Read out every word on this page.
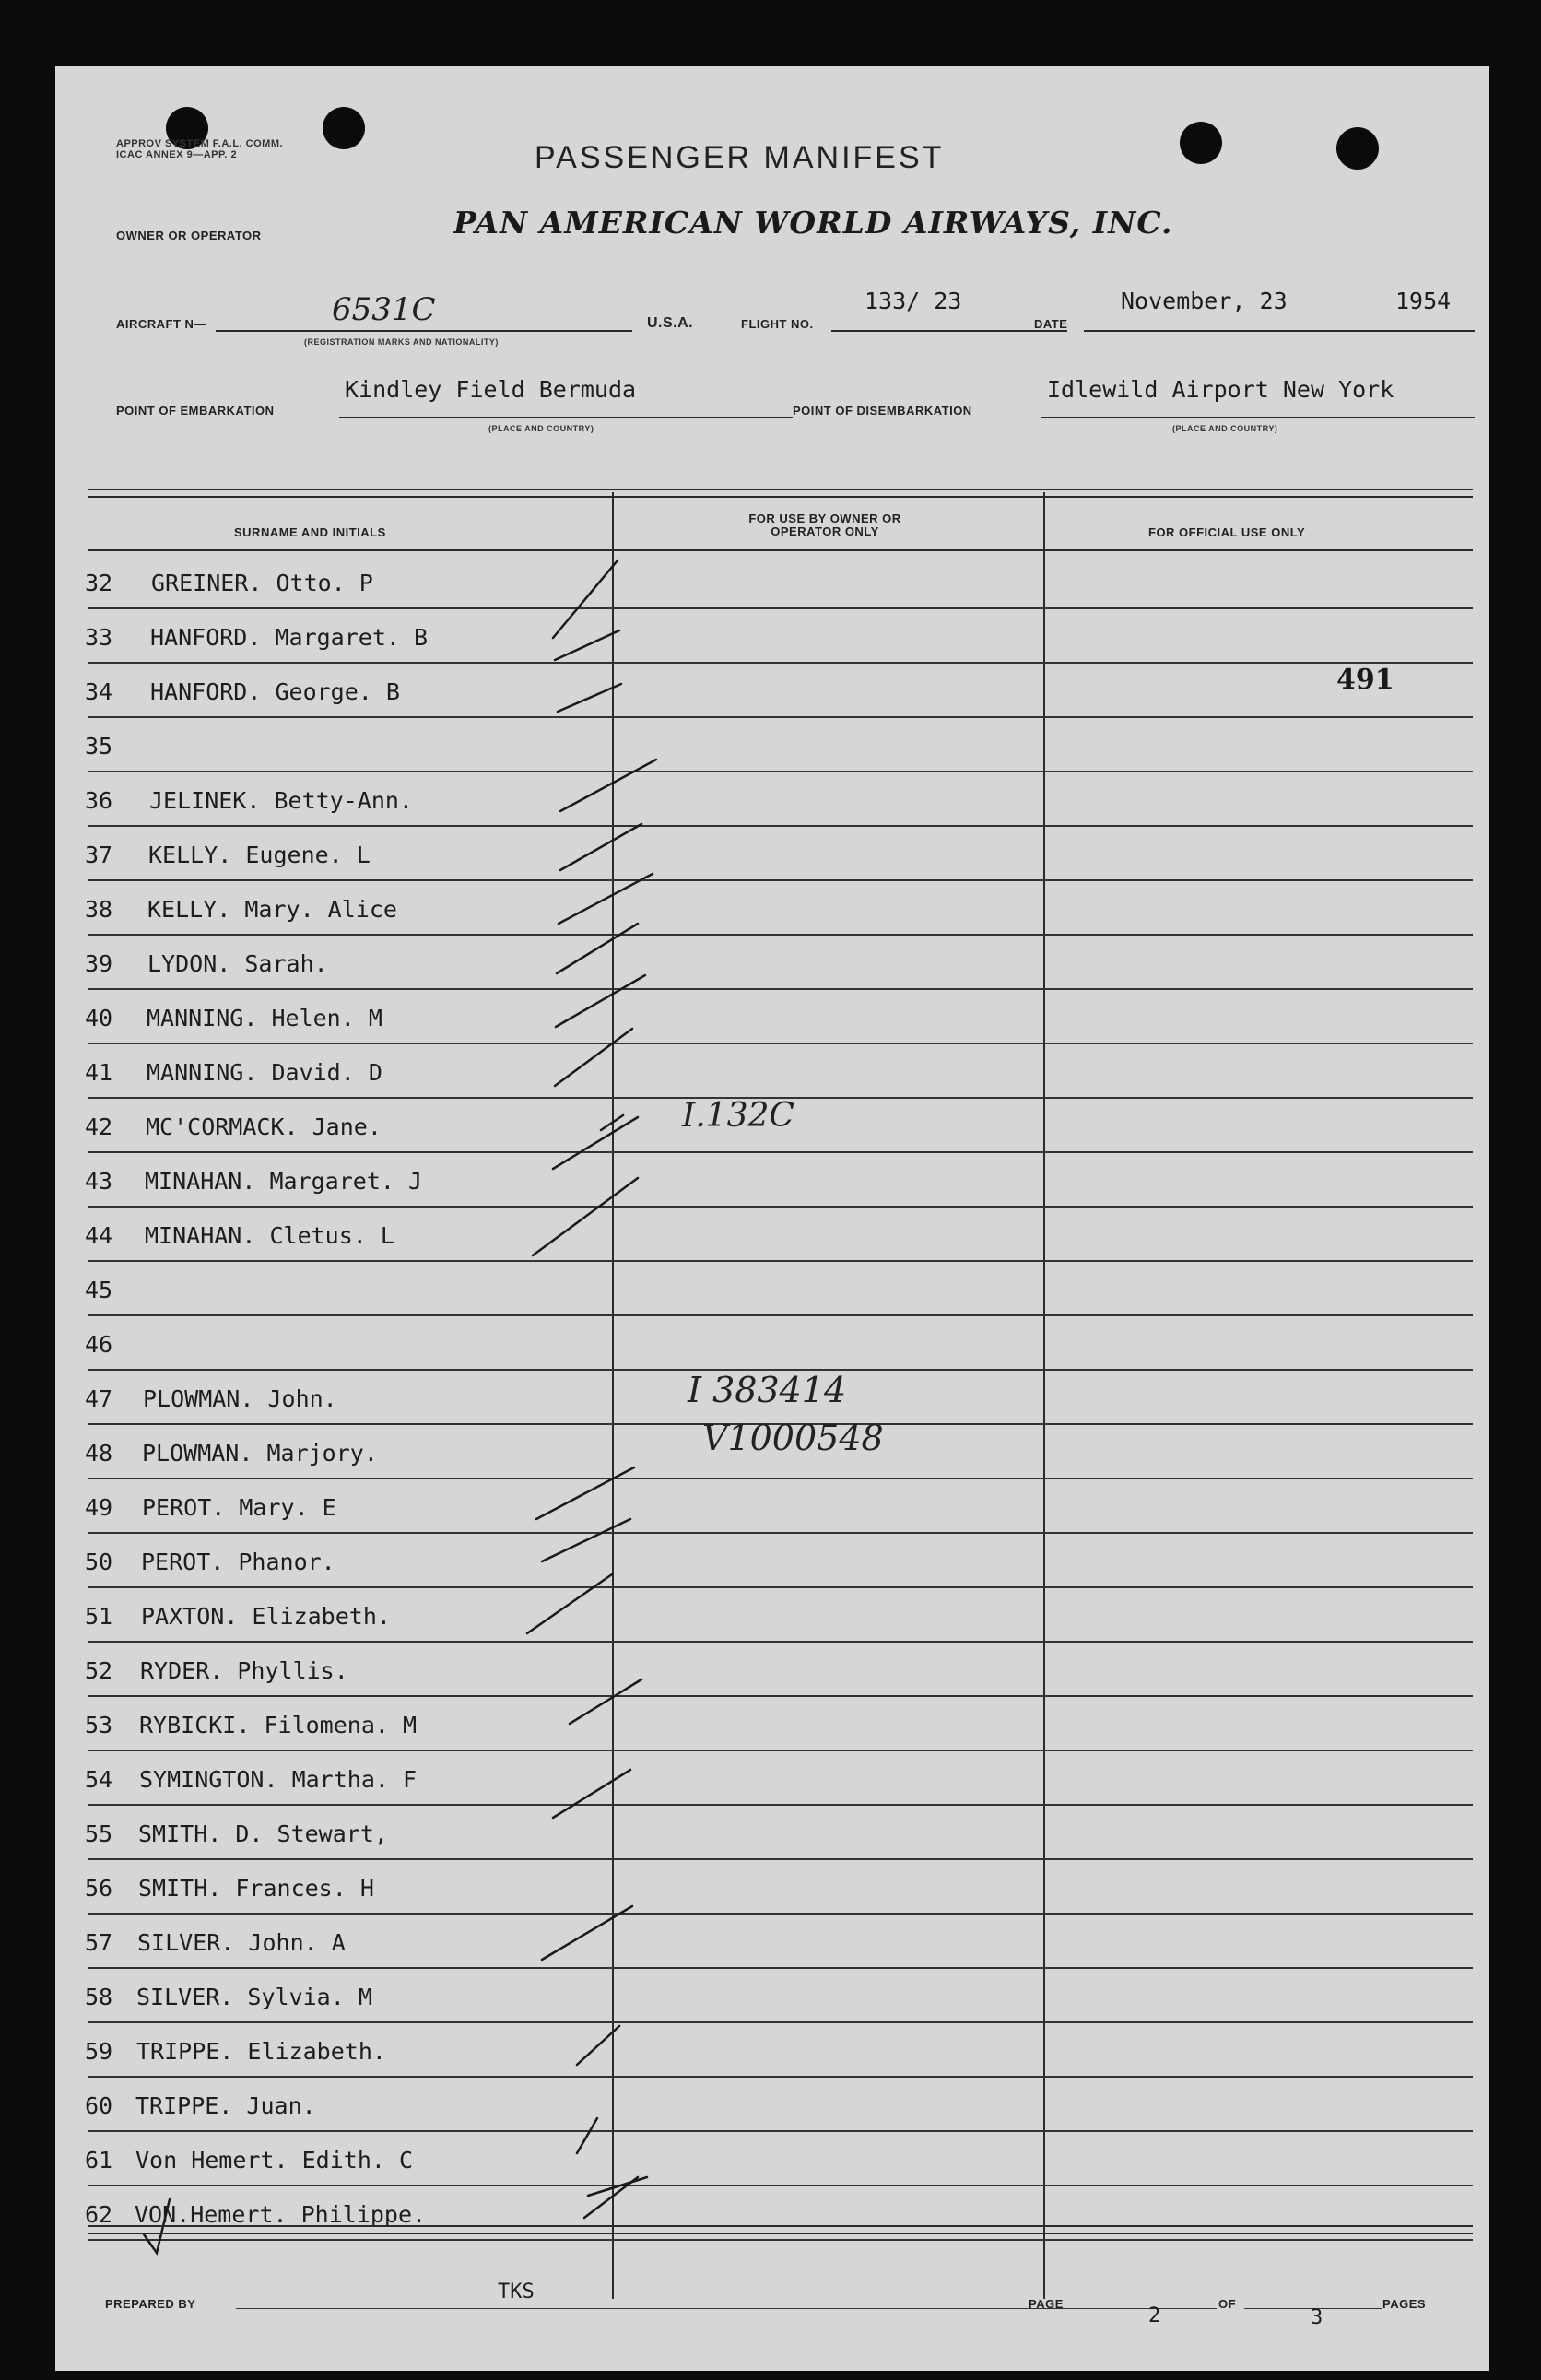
APPROV SYSTEM F.A.L. COMM. ICAC ANNEX 9—APP. 2	PASSENGER MANIFEST
OWNER OR OPERATOR	PAN AMERICAN WORLD AIRWAYS, INC.
AIRCRAFT N—	6531C
(REGISTRATION MARKS AND NATIONALITY)
U.S.A.	FLIGHT NO.
133/ 23
DATE
November, 23	1954
POINT OF EMBARKATION
Kindley Field Bermuda
(PLACE AND COUNTRY)
POINT OF DISEMBARKATION
Idlewild Airport New York
(PLACE AND COUNTRY)
SURNAME AND INITIALS
FOR USE BY OWNER OR OPERATOR ONLY	FOR OFFICIAL USE ONLY
491
32	GREINER. Otto. P
33	HANFORD. Margaret. B
34	HANFORD. George. B
35
36	JELINEK. Betty-Ann.
37	KELLY. Eugene. L
38	KELLY. Mary. Alice
39	LYDON. Sarah.
40	MANNING. Helen. M
41	MANNING. David. D
42	MC'CORMACK. Jane.
43	MINAHAN. Margaret. J
44	MINAHAN. Cletus. L
45
46
47	PLOWMAN. John.
48	PLOWMAN. Marjory.
49	PEROT. Mary. E
50	PEROT. Phanor.
51	PAXTON. Elizabeth.
52	RYDER. Phyllis.
53	RYBICKI. Filomena. M
54	SYMINGTON. Martha. F
55	SMITH. D. Stewart,
56	SMITH. Frances. H
57	SILVER. John. A
58	SILVER. Sylvia. M
59	TRIPPE. Elizabeth.
60 TRIPPE. Juan.
61 Von Hemert. Edith. C
62 VON.Hemert. Philippe.
I.132C
I 383414
V1000548
PREPARED BY
TKS
PAGE
2
OF
3
PAGES
